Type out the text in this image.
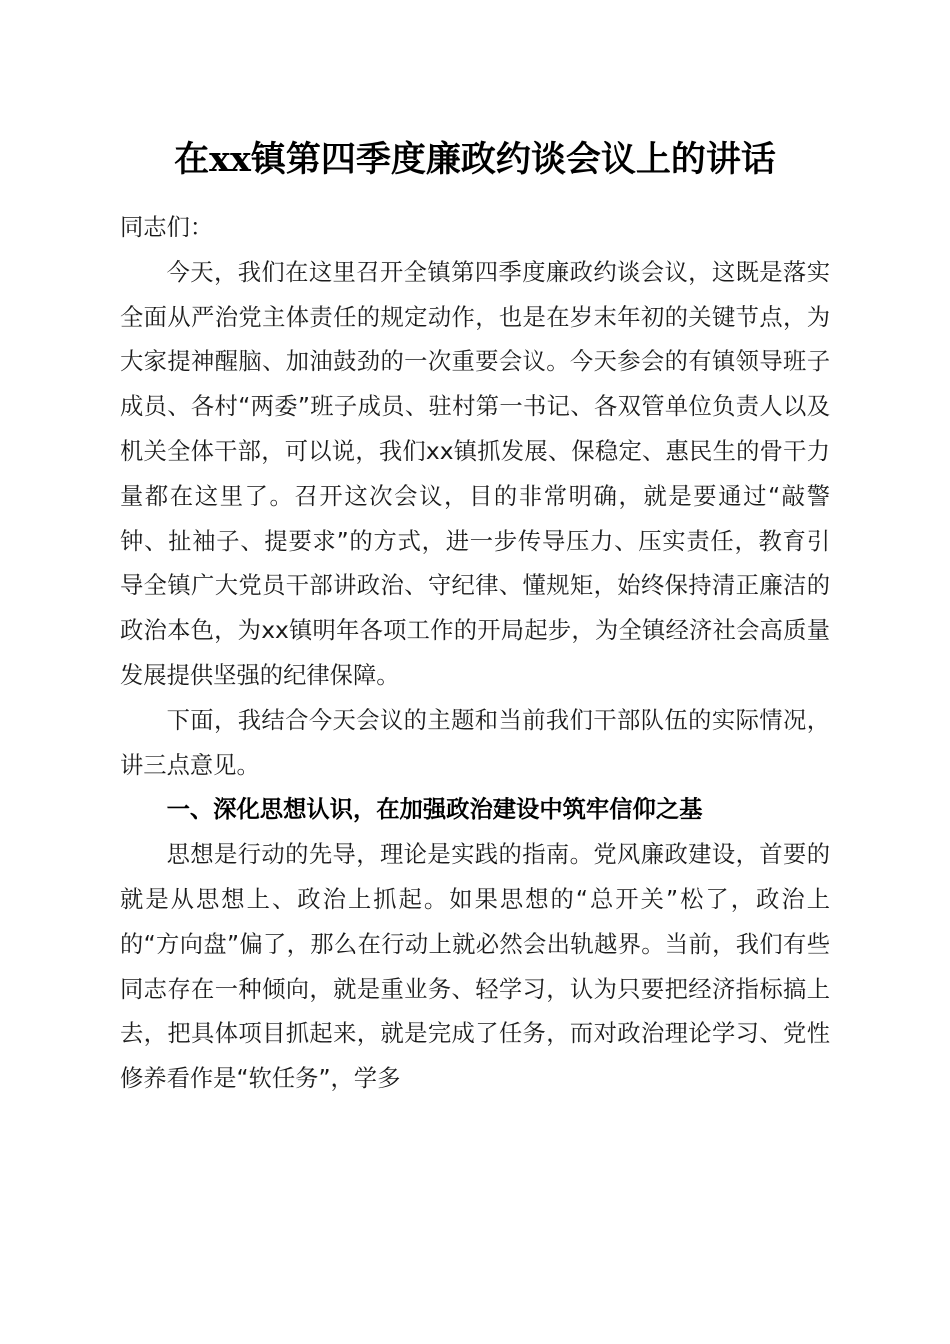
在xx镇第四季度廉政约谈会议上的讲话

同志们：

今天，我们在这里召开全镇第四季度廉政约谈会议，这既是落实全面从严治党主体责任的规定动作，也是在岁末年初的关键节点，为大家提神醒脑、加油鼓劲的一次重要会议。今天参会的有镇领导班子成员、各村“两委”班子成员、驻村第一书记、各双管单位负责人以及机关全体干部，可以说，我们xx镇抓发展、保稳定、惠民生的骨干力量都在这里了。召开这次会议，目的非常明确，就是要通过“敲警钟、扯袖子、提要求”的方式，进一步传导压力、压实责任，教育引导全镇广大党员干部讲政治、守纪律、懂规矩，始终保持清正廉洁的政治本色，为xx镇明年各项工作的开局起步，为全镇经济社会高质量发展提供坚强的纪律保障。

下面，我结合今天会议的主题和当前我们干部队伍的实际情况，讲三点意见。

一、深化思想认识，在加强政治建设中筑牢信仰之基

思想是行动的先导，理论是实践的指南。党风廉政建设，首要的就是从思想上、政治上抓起。如果思想的“总开关”松了，政治上的“方向盘”偏了，那么在行动上就必然会出轨越界。当前，我们有些同志存在一种倾向，就是重业务、轻学习，认为只要把经济指标搞上去，把具体项目抓起来，就是完成了任务，而对政治理论学习、党性修养看作是“软任务”，学多
